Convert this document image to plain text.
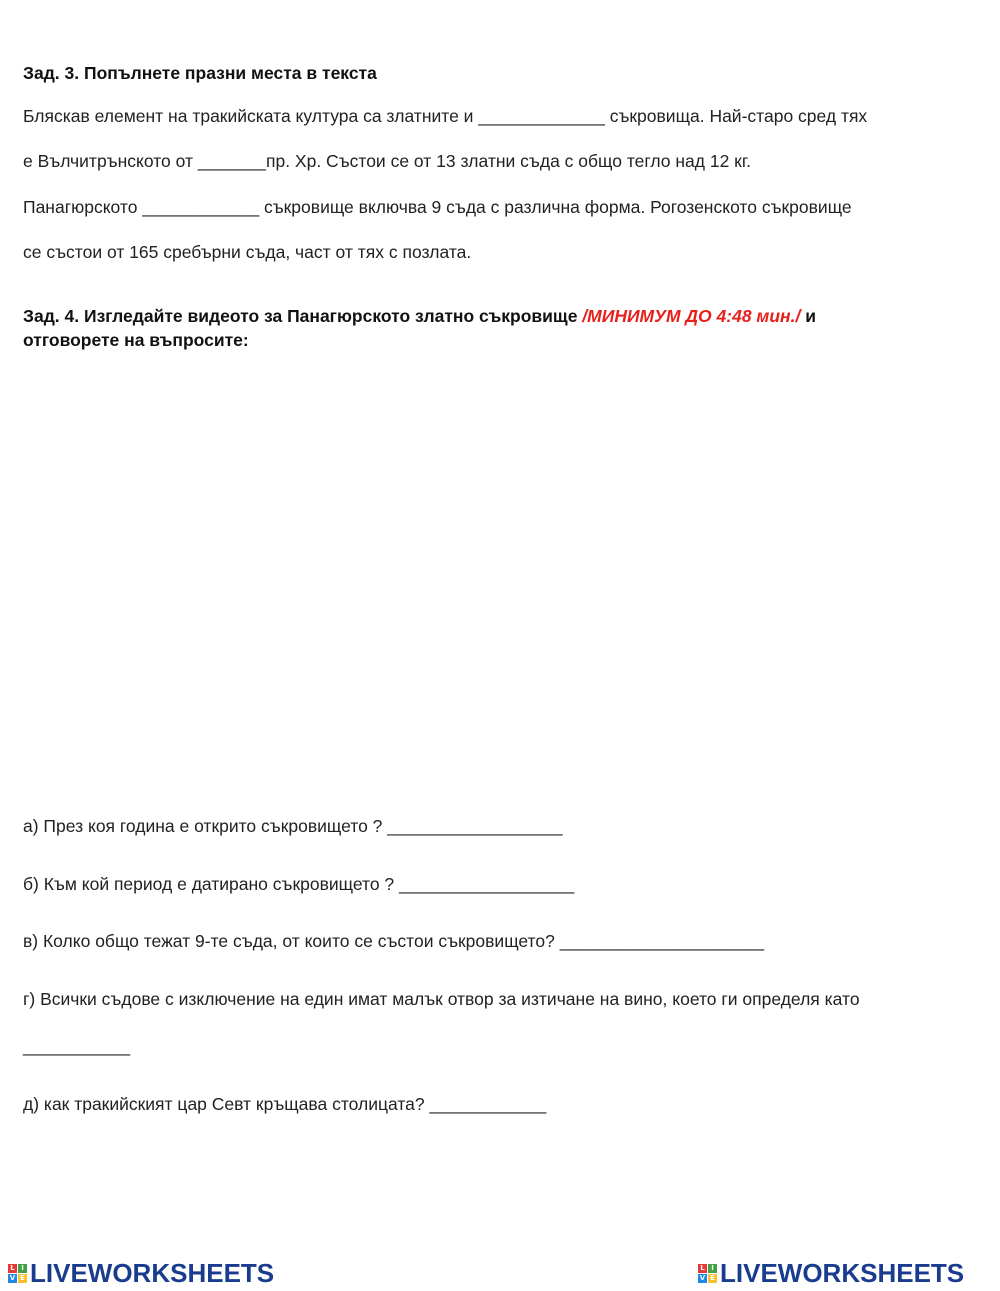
Зад. 3. Попълнете празни места в текста
Бляскав елемент на тракийската култура са златните и _____________ съкровища. Най-старо сред тях
е Вълчитрънското от _______пр. Хр. Състои се от 13 златни съда с общо тегло над 12 кг.
Панагюрското ____________ съкровище включва 9 съда с различна форма. Рогозенското съкровище
се състои от 165 сребърни съда, част от тях с позлата.
Зад. 4. Изгледайте видеото за Панагюрското златно съкровище /МИНИМУМ ДО 4:48 мин./ и
отговорете на въпросите:
а) През коя година е открито съкровището ? __________________
б) Към кой период е датирано съкровището ? __________________
в) Колко общо тежат 9-те съда, от които се състои съкровището? _____________________
г) Всички съдове с изключение на един имат малък отвор за изтичане на вино, което ги определя като
___________
д) как тракийският цар Севт кръщава столицата? ____________
L I
V E LIVEWORKSHEETS	L I
V E LIVEWORKSHEETS
